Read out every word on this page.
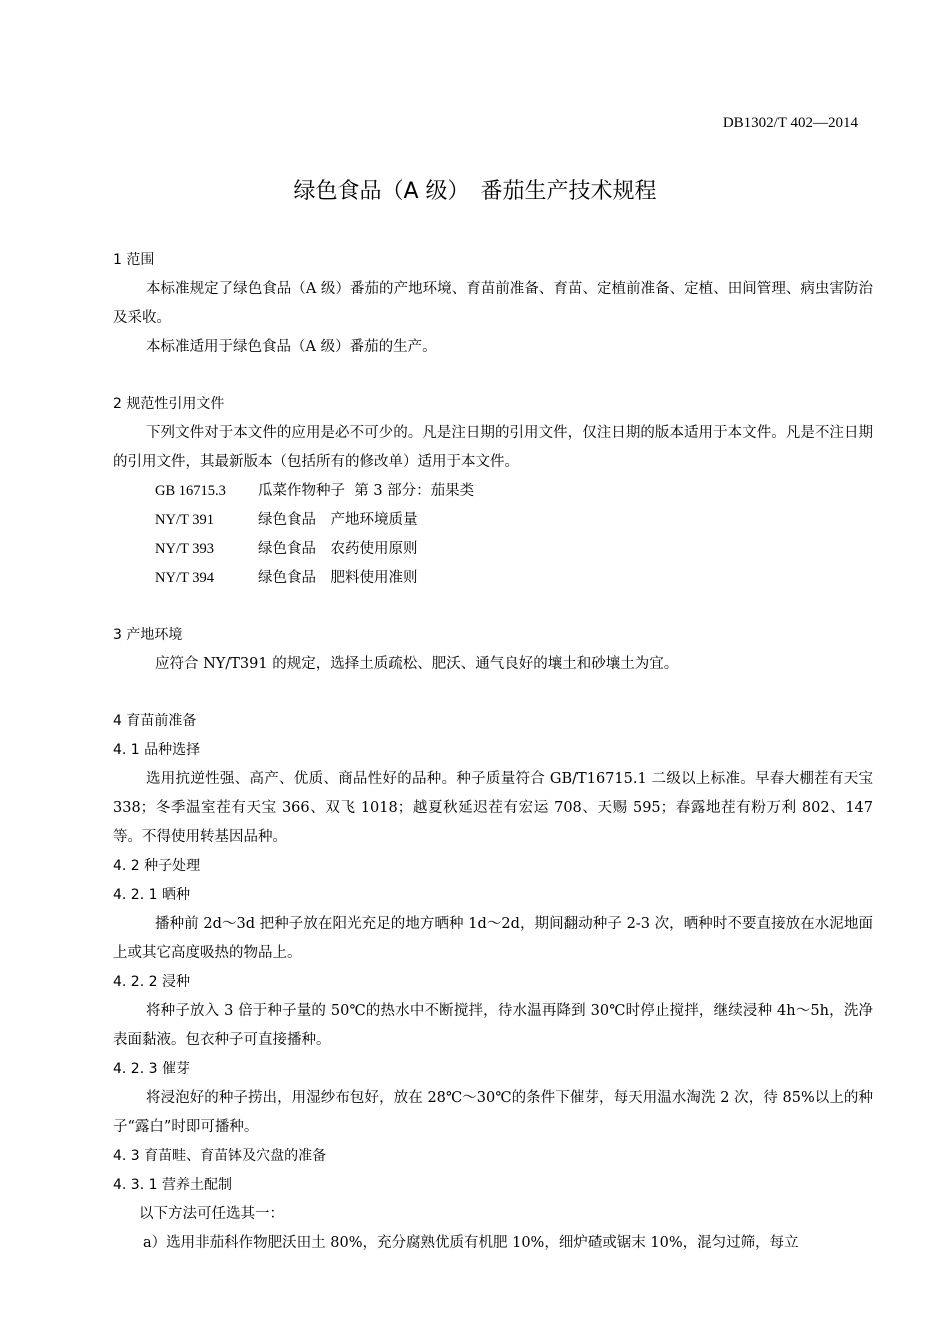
DB1302/T 402—2014
绿色食品（A 级）　番茄生产技术规程
1 范围
本标准规定了绿色食品（A 级）番茄的产地环境、育苗前准备、育苗、定植前准备、定植、田间管理、病虫害防治及采收。
本标准适用于绿色食品（A 级）番茄的生产。
2 规范性引用文件
下列文件对于本文件的应用是必不可少的。凡是注日期的引用文件，仅注日期的版本适用于本文件。凡是不注日期的引用文件，其最新版本（包括所有的修改单）适用于本文件。
GB 16715.3	瓜菜作物种子  第 3 部分：茄果类
NY/T 391	绿色食品　产地环境质量
NY/T 393	绿色食品　农药使用原则
NY/T 394	绿色食品　肥料使用准则
3 产地环境
应符合 NY/T391 的规定，选择土质疏松、肥沃、通气良好的壤土和砂壤土为宜。
4 育苗前准备
4. 1 品种选择
选用抗逆性强、高产、优质、商品性好的品种。种子质量符合 GB/T16715.1 二级以上标准。早春大棚茬有天宝 338；冬季温室茬有天宝 366、双飞 1018；越夏秋延迟茬有宏运 708、天赐 595；春露地茬有粉万利 802、147 等。不得使用转基因品种。
4. 2 种子处理
4. 2. 1 晒种
播种前 2d～3d 把种子放在阳光充足的地方晒种 1d～2d，期间翻动种子 2-3 次，晒种时不要直接放在水泥地面上或其它高度吸热的物品上。
4. 2. 2 浸种
将种子放入 3 倍于种子量的 50℃的热水中不断搅拌，待水温再降到 30℃时停止搅拌，继续浸种 4h～5h，洗净表面黏液。包衣种子可直接播种。
4. 2. 3 催芽
将浸泡好的种子捞出，用湿纱布包好，放在 28℃～30℃的条件下催芽，每天用温水淘洗 2 次，待 85%以上的种子“露白”时即可播种。
4. 3 育苗畦、育苗钵及穴盘的准备
4. 3. 1 营养土配制
以下方法可任选其一：
a）选用非茄科作物肥沃田土 80%，充分腐熟优质有机肥 10%，细炉碴或锯末 10%，混匀过筛，每立
